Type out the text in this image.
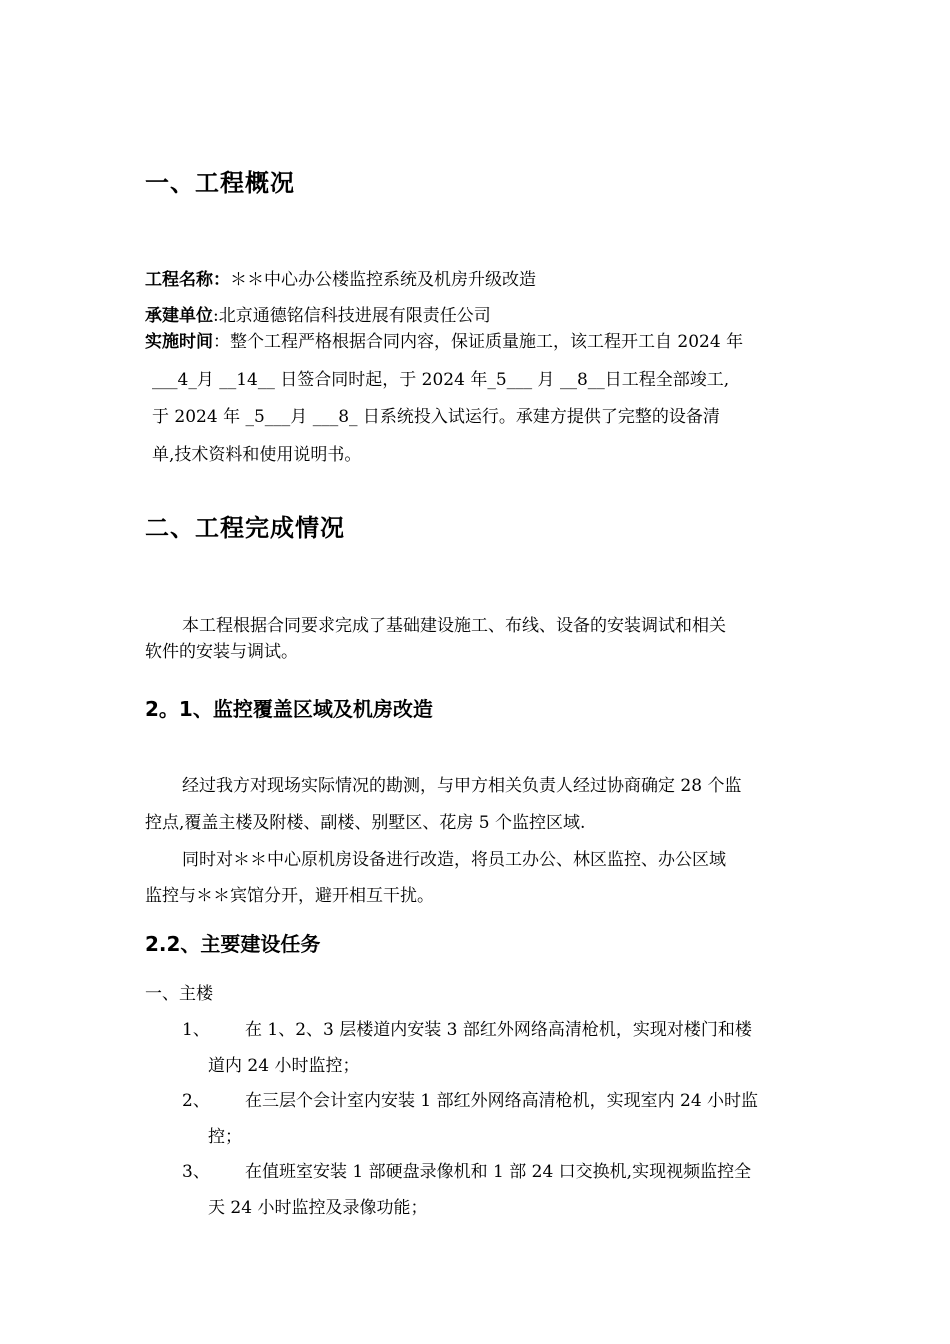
一、工程概况
工程名称：＊＊中心办公楼监控系统及机房升级改造
承建单位:北京通德铭信科技进展有限责任公司
实施时间：整个工程严格根据合同内容，保证质量施工，该工程开工自 2024 年
___4_月 __14__ 日签合同时起，于 2024 年_5___ 月 __8__日工程全部竣工,
于 2024 年 _5___月 ___8_ 日系统投入试运行。承建方提供了完整的设备清
单,技术资料和使用说明书。
二、工程完成情况
本工程根据合同要求完成了基础建设施工、布线、设备的安装调试和相关
软件的安装与调试。
2。1、监控覆盖区域及机房改造
经过我方对现场实际情况的勘测，与甲方相关负责人经过协商确定 28 个监
控点,覆盖主楼及附楼、副楼、别墅区、花房 5 个监控区域.
同时对＊＊中心原机房设备进行改造，将员工办公、林区监控、办公区域
监控与＊＊宾馆分开，避开相互干扰。
2.2、主要建设任务
一、主楼
1、 在 1、2、3 层楼道内安装 3 部红外网络高清枪机，实现对楼门和楼
道内 24 小时监控；
2、 在三层个会计室内安装 1 部红外网络高清枪机，实现室内 24 小时监
控；
3、 在值班室安装 1 部硬盘录像机和 1 部 24 口交换机,实现视频监控全
天 24 小时监控及录像功能；
